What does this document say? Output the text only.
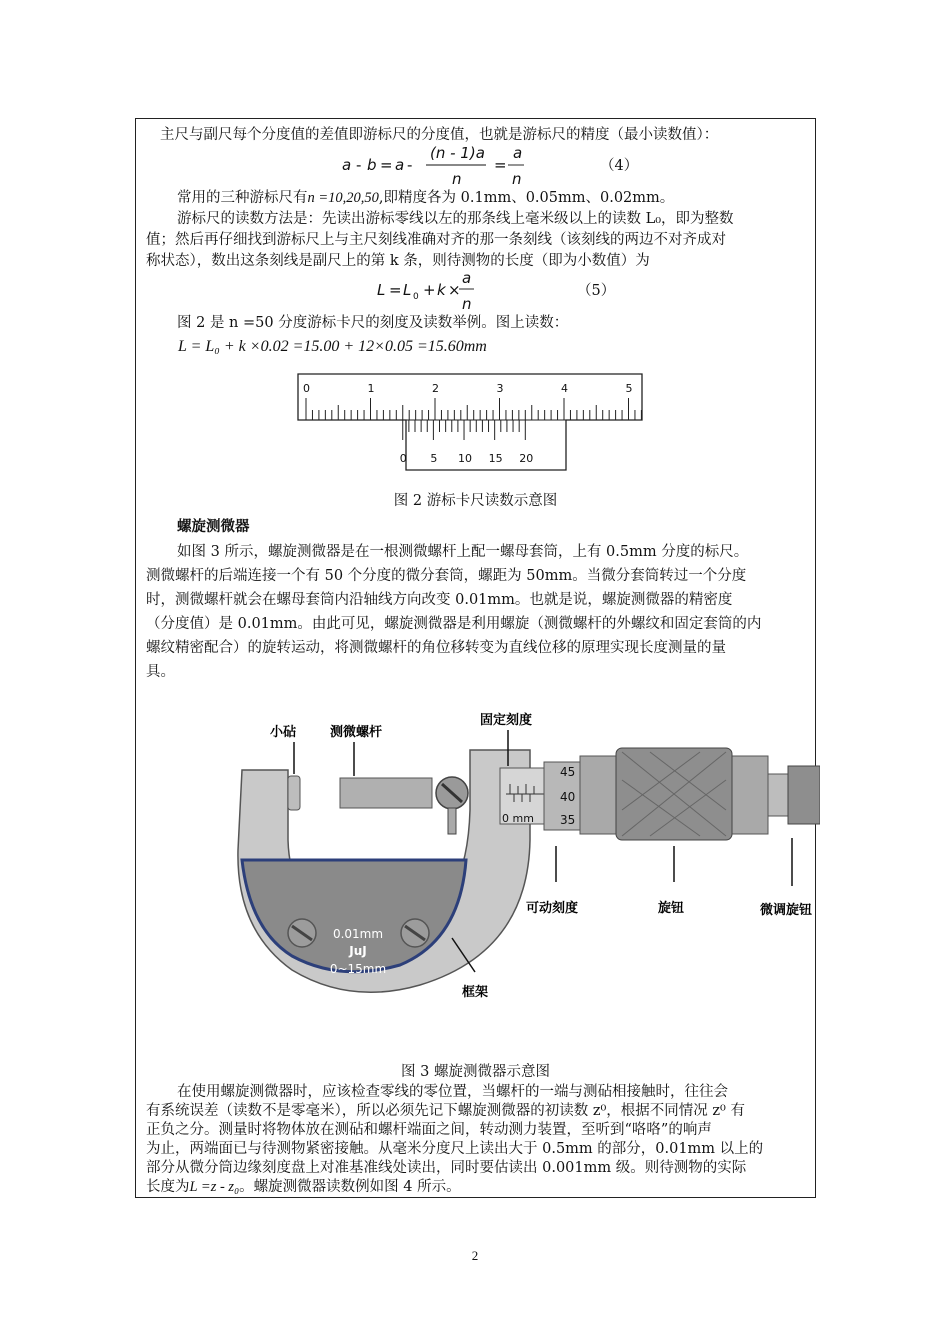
主尺与副尺每个分度值的差值即游标尺的分度值，也就是游标尺的精度（最小读数值）：
a - b = a -
(n - 1)a
n
=
a
n
（4）
常用的三种游标尺有n =10,20,50,即精度各为 0.1mm、0.05mm、0.02mm。
游标尺的读数方法是：先读出游标零线以左的那条线上毫米级以上的读数 L₀，即为整数
值；然后再仔细找到游标尺上与主尺刻线准确对齐的那一条刻线（该刻线的两边不对齐成对
称状态），数出这条刻线是副尺上的第 k 条，则待测物的长度（即为小数值）为
L = L 0 + k ×
a
n
（5）
图 2 是 n =50 分度游标卡尺的刻度及读数举例。图上读数：
L = L₀ + k ×0.02 =15.00 + 12×0.05 =15.60mm
0	1	2	3	4	5
0 5 10 15 20
图 2 游标卡尺读数示意图
螺旋测微器
如图 3 所示，螺旋测微器是在一根测微螺杆上配一螺母套筒，上有 0.5mm 分度的标尺。
测微螺杆的后端连接一个有 50 个分度的微分套筒，螺距为 50mm。当微分套筒转过一个分度
时，测微螺杆就会在螺母套筒内沿轴线方向改变 0.01mm。也就是说，螺旋测微器的精密度
（分度值）是 0.01mm。由此可见，螺旋测微器是利用螺旋（测微螺杆的外螺纹和固定套筒的内
螺纹精密配合）的旋转运动，将测微螺杆的角位移转变为直线位移的原理实现长度测量的量
具。
0.01mm
JuJ
0~15mm
0 mm
45
40
35
小砧	测微螺杆
固定刻度
可动刻度	旋钮	微调旋钮
框架
图 3 螺旋测微器示意图
在使用螺旋测微器时，应该检查零线的零位置，当螺杆的一端与测砧相接触时，往往会
有系统误差（读数不是零毫米），所以必须先记下螺旋测微器的初读数 z⁰，根据不同情况 z⁰ 有
正负之分。测量时将物体放在测砧和螺杆端面之间，转动测力装置，至听到“咯咯”的响声
为止，两端面已与待测物紧密接触。从毫米分度尺上读出大于 0.5mm 的部分，0.01mm 以上的
部分从微分筒边缘刻度盘上对准基准线处读出，同时要估读出 0.001mm 级。则待测物的实际
长度为L =z - z₀。螺旋测微器读数例如图 4 所示。
2
